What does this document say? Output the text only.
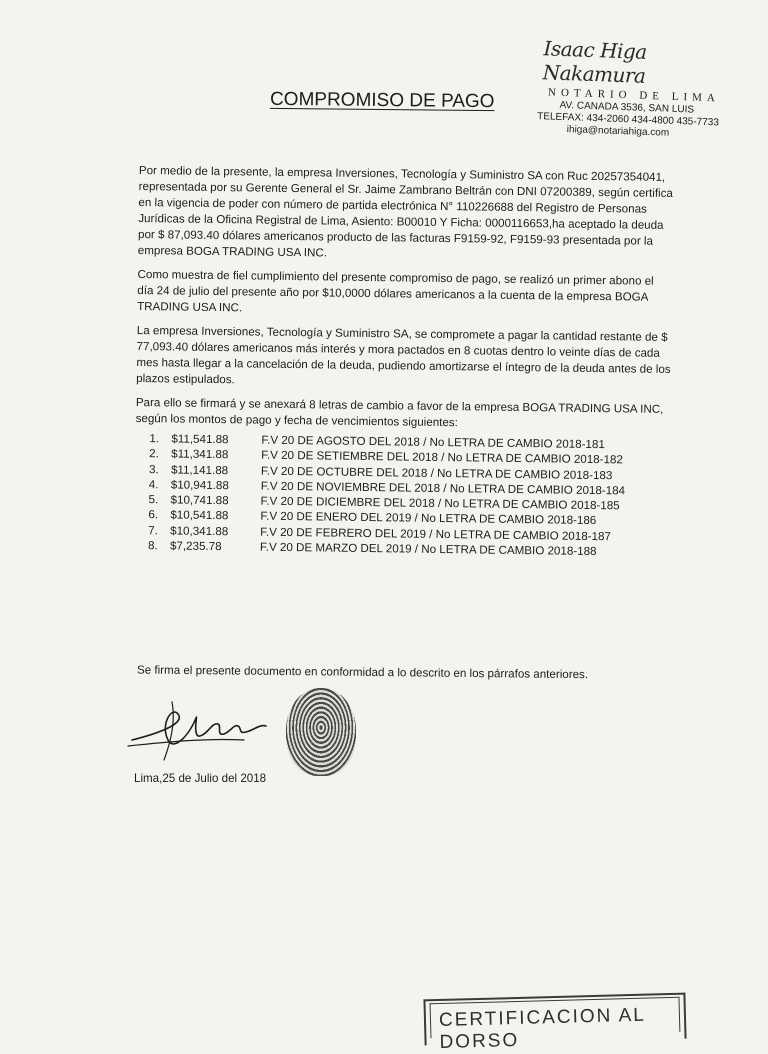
Isaac Higa Nakamura
NOTARIO DE LIMA
AV. CANADA 3536, SAN LUIS
TELEFAX: 434-2060 434-4800 435-7733
ihiga@notariahiga.com
COMPROMISO DE PAGO

Por medio de la presente, la empresa Inversiones, Tecnología y Suministro SA con Ruc 20257354041, representada por su Gerente General el Sr. Jaime Zambrano Beltrán con DNI 07200389, según certifica en la vigencia de poder con número de partida electrónica N° 110226688 del Registro de Personas Jurídicas de la Oficina Registral de Lima, Asiento: B00010 Y Ficha: 0000116653,ha aceptado la deuda por $ 87,093.40 dólares americanos producto de las facturas F9159-92, F9159-93 presentada por la empresa BOGA TRADING USA INC.

Como muestra de fiel cumplimiento del presente compromiso de pago, se realizó un primer abono el día 24 de julio del presente año por $10,0000 dólares americanos a la cuenta de la empresa BOGA TRADING USA INC.

La empresa Inversiones, Tecnología y Suministro SA, se compromete a pagar la cantidad restante de $ 77,093.40 dólares americanos más interés y mora pactados en 8 cuotas dentro lo veinte días de cada mes hasta llegar a la cancelación de la deuda, pudiendo amortizarse el íntegro de la deuda antes de los plazos estipulados.

Para ello se firmará y se anexará 8 letras de cambio a favor de la empresa BOGA TRADING USA INC, según los montos de pago y fecha de vencimientos siguientes:

1.	$11,541.88	F.V 20 DE AGOSTO DEL 2018 / No LETRA DE CAMBIO 2018-181
2.	$11,341.88	F.V 20 DE SETIEMBRE DEL 2018 / No LETRA DE CAMBIO 2018-182
3.	$11,141.88	F.V 20 DE OCTUBRE DEL 2018 / No LETRA DE CAMBIO 2018-183
4.	$10,941.88	F.V 20 DE NOVIEMBRE DEL 2018 / No LETRA DE CAMBIO 2018-184
5.	$10,741.88	F.V 20 DE DICIEMBRE DEL 2018 / No LETRA DE CAMBIO 2018-185
6.	$10,541.88	F.V 20 DE ENERO DEL 2019 / No LETRA DE CAMBIO 2018-186
7.	$10,341.88	F.V 20 DE FEBRERO DEL 2019 / No LETRA DE CAMBIO 2018-187
8.	$7,235.78	F.V 20 DE MARZO DEL 2019 / No LETRA DE CAMBIO 2018-188
Se firma el presente documento en conformidad a lo descrito en los párrafos anteriores.
Lima,25 de Julio del 2018
CERTIFICACION AL DORSO
